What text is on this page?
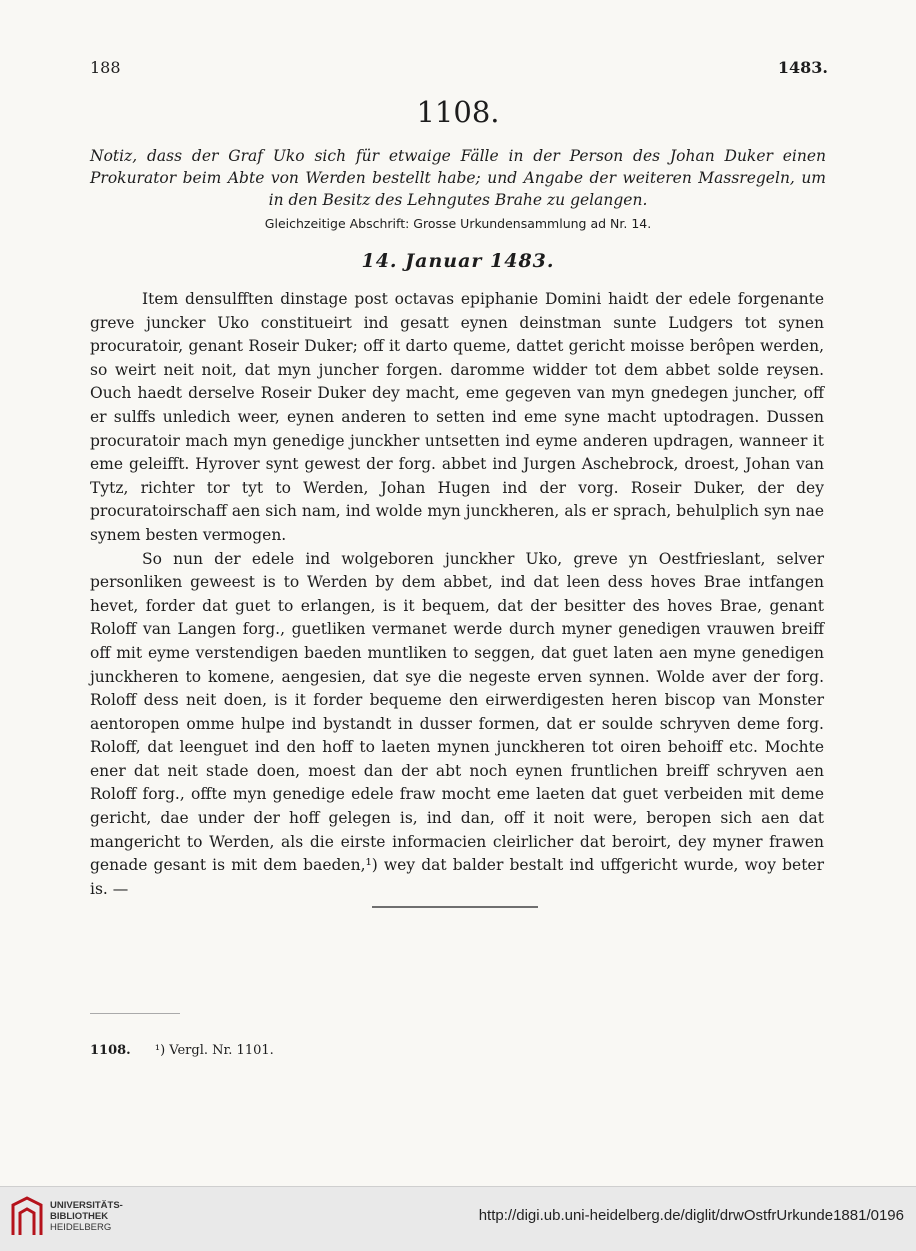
188	1483.
1108.
Notiz, dass der Graf Uko sich für etwaige Fälle in der Person des Johan Duker einen Prokurator beim Abte von Werden bestellt habe; und Angabe der weiteren Massregeln, um in den Besitz des Lehngutes Brahe zu gelangen.
Gleichzeitige Abschrift: Grosse Urkundensammlung ad Nr. 14.
14. Januar 1483.

Item densulfften dinstage post octavas epiphanie Domini haidt der edele forgenante greve juncker Uko constitueirt ind gesatt eynen deinstman sunte Ludgers tot synen procuratoir, genant Roseir Duker; off it darto queme, dattet gericht moisse berôpen werden, so weirt neit noit, dat myn juncher forgen. daromme widder tot dem abbet solde reysen. Ouch haedt derselve Roseir Duker dey macht, eme gegeven van myn gnedegen juncher, off er sulffs unledich weer, eynen anderen to setten ind eme syne macht uptodragen. Dussen procuratoir mach myn genedige junckher untsetten ind eyme anderen updragen, wanneer it eme geleifft. Hyrover synt gewest der forg. abbet ind Jurgen Aschebrock, droest, Johan van Tytz, richter tor tyt to Werden, Johan Hugen ind der vorg. Roseir Duker, der dey procuratoirschaff aen sich nam, ind wolde myn junckheren, als er sprach, behulplich syn nae synem besten vermogen.

So nun der edele ind wolgeboren junckher Uko, greve yn Oestfrieslant, selver personliken geweest is to Werden by dem abbet, ind dat leen dess hoves Brae intfangen hevet, forder dat guet to erlangen, is it bequem, dat der besitter des hoves Brae, genant Roloff van Langen forg., guetliken vermanet werde durch myner genedigen vrauwen breiff off mit eyme verstendigen baeden muntliken to seggen, dat guet laten aen myne genedigen junckheren to komene, aengesien, dat sye die negeste erven synnen. Wolde aver der forg. Roloff dess neit doen, is it forder bequeme den eirwerdigesten heren biscop van Monster aentoropen omme hulpe ind bystandt in dusser formen, dat er soulde schryven deme forg. Roloff, dat leenguet ind den hoff to laeten mynen junckheren tot oiren behoiff etc. Mochte ener dat neit stade doen, moest dan der abt noch eynen fruntlichen breiff schryven aen Roloff forg., offte myn genedige edele fraw mocht eme laeten dat guet verbeiden mit deme gericht, dae under der hoff gelegen is, ind dan, off it noit were, beropen sich aen dat mangericht to Werden, als die eirste informacien cleirlicher dat beroirt, dey myner frawen genade gesant is mit dem baeden,¹) wey dat balder bestalt ind uffgericht wurde, woy beter is. —

1108. ¹) Vergl. Nr. 1101.
UNIVERSITÄTS-
BIBLIOTHEK
HEIDELBERG
http://digi.ub.uni-heidelberg.de/diglit/drwOstfrUrkunde1881/0196
